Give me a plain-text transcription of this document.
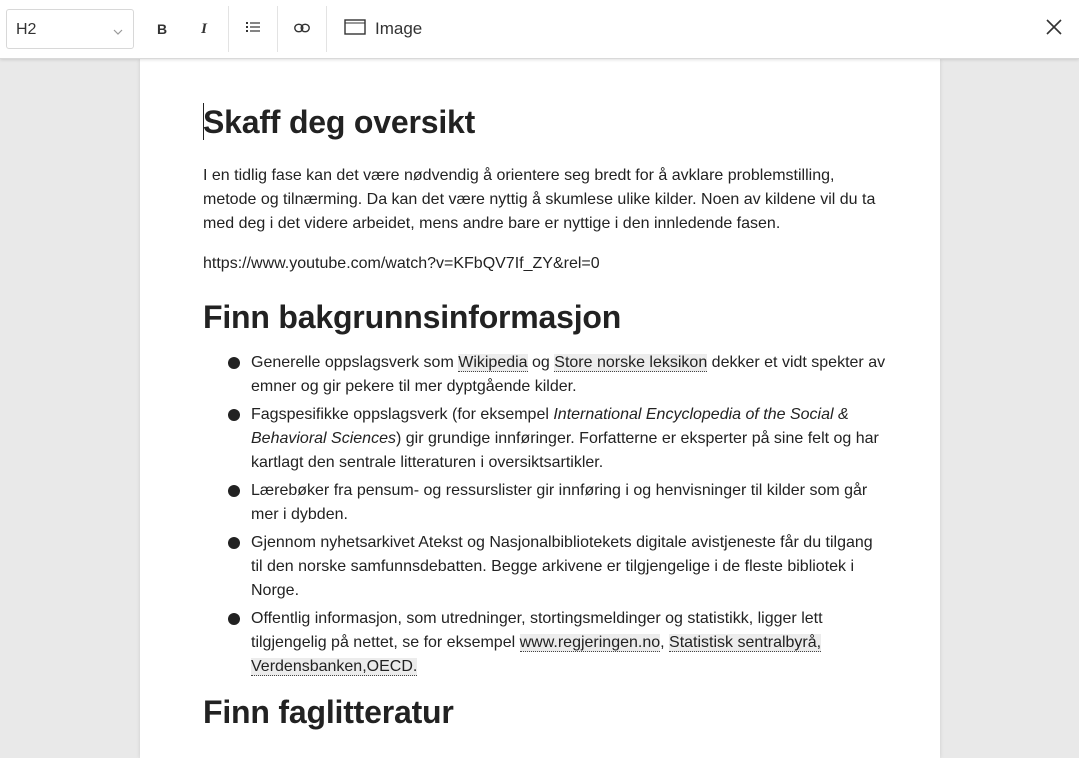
H2	B I	Image
Skaff deg oversikt

I en tidlig fase kan det være nødvendig å orientere seg bredt for å avklare problemstilling, metode og tilnærming. Da kan det være nyttig å skumlese ulike kilder. Noen av kildene vil du ta med deg i det videre arbeidet, mens andre bare er nyttige i den innledende fasen.

https://www.youtube.com/watch?v=KFbQV7If_ZY&rel=0

Finn bakgrunnsinformasjon
Generelle oppslagsverk som Wikipedia og Store norske leksikon dekker et vidt spekter av emner og gir pekere til mer dyptgående kilder.
Fagspesifikke oppslagsverk (for eksempel International Encyclopedia of the Social & Behavioral Sciences) gir grundige innføringer. Forfatterne er eksperter på sine felt og har kartlagt den sentrale litteraturen i oversiktsartikler.
Lærebøker fra pensum- og ressurslister gir innføring i og henvisninger til kilder som går mer i dybden.
Gjennom nyhetsarkivet Atekst og Nasjonalbibliotekets digitale avistjeneste får du tilgang til den norske samfunnsdebatten. Begge arkivene er tilgjengelige i de fleste bibliotek i Norge.
Offentlig informasjon, som utredninger, stortingsmeldinger og statistikk, ligger lett tilgjengelig på nettet, se for eksempel www.regjeringen.no, Statistisk sentralbyrå, Verdensbanken,OECD.
Finn faglitteratur
